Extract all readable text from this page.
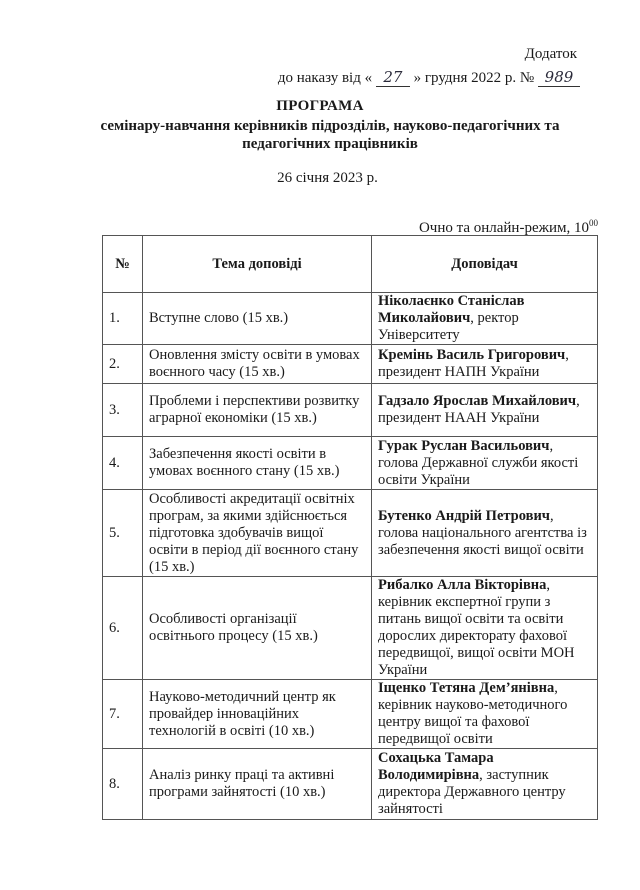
Додаток
до наказу від « 27 » грудня 2022 р. № 989
ПРОГРАМА
семінару-навчання керівників підрозділів, науково-педагогічних та педагогічних працівників
26 січня 2023 р.
Очно та онлайн-режим, $10^{00}$
№	Тема доповіді	Доповідач
1.	Вступне слово (15 хв.)	Ніколаєнко Станіслав Миколайович, ректор Університету
2.	Оновлення змісту освіти в умовах воєнного часу (15 хв.)	Кремінь Василь Григорович, президент НАПН України
3.	Проблеми і перспективи розвитку аграрної економіки (15 хв.)	Гадзало Ярослав Михайлович, президент НААН України
4.	Забезпечення якості освіти в умовах воєнного стану (15 хв.)	Гурак Руслан Васильович, голова Державної служби якості освіти України
5.	Особливості акредитації освітніх програм, за якими здійснюється підготовка здобувачів вищої освіти в період дії воєнного стану (15 хв.)	Бутенко Андрій Петрович, голова національного агентства із забезпечення якості вищої освіти
6.	Особливості організації освітнього процесу (15 хв.)	Рибалко Алла Вікторівна, керівник експертної групи з питань вищої освіти та освіти дорослих директорату фахової передвищої, вищої освіти МОН України
7.	Науково-методичний центр як провайдер інноваційних технологій в освіті (10 хв.)	Іщенко Тетяна Дем’янівна, керівник науково-методичного центру вищої та фахової передвищої освіти
8.	Аналіз ринку праці та активні програми зайнятості (10 хв.)	Сохацька Тамара Володимирівна, заступник директора Державного центру зайнятості
